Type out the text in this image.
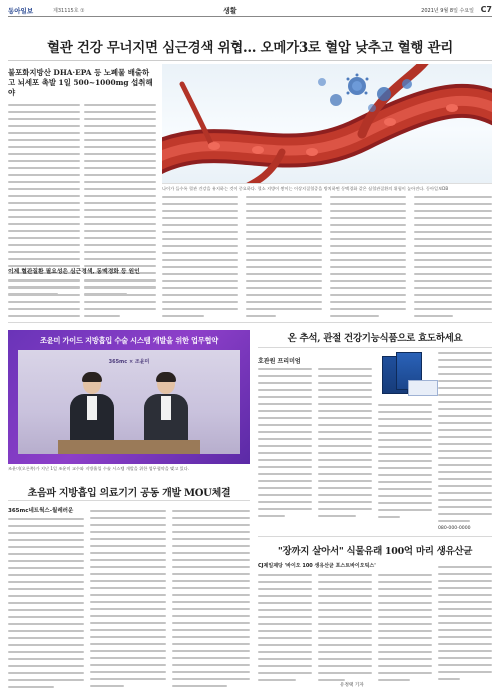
동아일보	제31115호 ①	생활	2021년 9월 8일 수요일 C7
혈관 건강 무너지면 심근경색 위협… 오메가3로 혈압 낮추고 혈행 관리
불포화지방산 DHA·EPA 등 노폐물 배출하고 뇌세포 촉발 1일 500~1000mg 섭취해야
이제 혈관질환 필요성은 심근경색, 동맥경화 등 원인
나이가 들수록 혈관 건강을 유지하는 것이 중요하다. 혈소 지방이 쌓이는 이상지질혈증을 방치하면 동맥경화 같은 심혈관질환의 위험이 높아진다. 동아일보DB
조윤미 가이드 지방흡입 수술 시스템 개발을 위한 업무협약
365mc × 조윤미
조윤미(오른쪽)가 지난 1일 조윤미 교수와 지방흡입 수술 시스템 개발을 위한 업무협약을 맺고 있다.
초음파 지방흡입 의료기기 공동 개발 MOU체결
365mc네트웍스-월레러운
온 추석, 관절 건강기능식품으로 효도하세요
호관원 프리미엄
080-000-0000
"장까지 살아서" 식물유래 100억 마리 생유산균
CJ제일제당 '바이오 100 생유산균 포스트바이오틱스'
유정택 기자
